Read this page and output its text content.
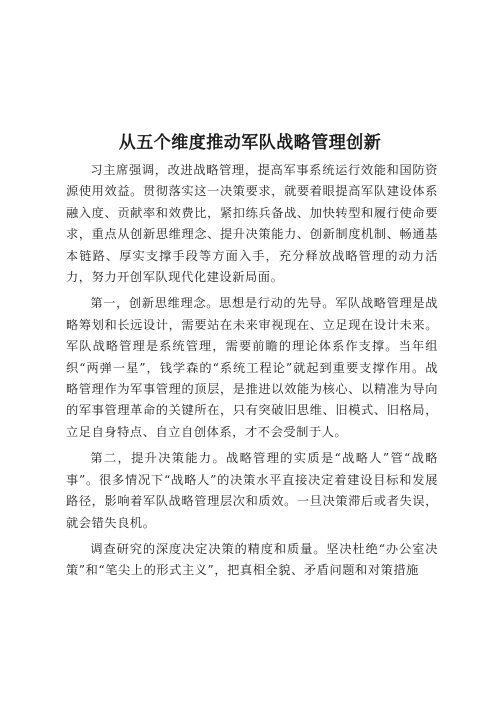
从五个维度推动军队战略管理创新

习主席强调，改进战略管理，提高军事系统运行效能和国防资源使用效益。贯彻落实这一决策要求，就要着眼提高军队建设体系融入度、贡献率和效费比，紧扣练兵备战、加快转型和履行使命要求，重点从创新思维理念、提升决策能力、创新制度机制、畅通基本链路、厚实支撑手段等方面入手，充分释放战略管理的动力活力，努力开创军队现代化建设新局面。

第一，创新思维理念。思想是行动的先导。军队战略管理是战略筹划和长远设计，需要站在未来审视现在、立足现在设计未来。军队战略管理是系统管理，需要前瞻的理论体系作支撑。当年组织“两弹一星”，钱学森的“系统工程论”就起到重要支撑作用。战略管理作为军事管理的顶层，是推进以效能为核心、以精准为导向的军事管理革命的关键所在，只有突破旧思维、旧模式、旧格局，立足自身特点、自立自创体系，才不会受制于人。

第二，提升决策能力。战略管理的实质是“战略人”管“战略事”。很多情况下“战略人”的决策水平直接决定着建设目标和发展路径，影响着军队战略管理层次和质效。一旦决策滞后或者失误，就会错失良机。

调查研究的深度决定决策的精度和质量。坚决杜绝“办公室决策”和“笔尖上的形式主义”，把真相全貌、矛盾问题和对策措施
